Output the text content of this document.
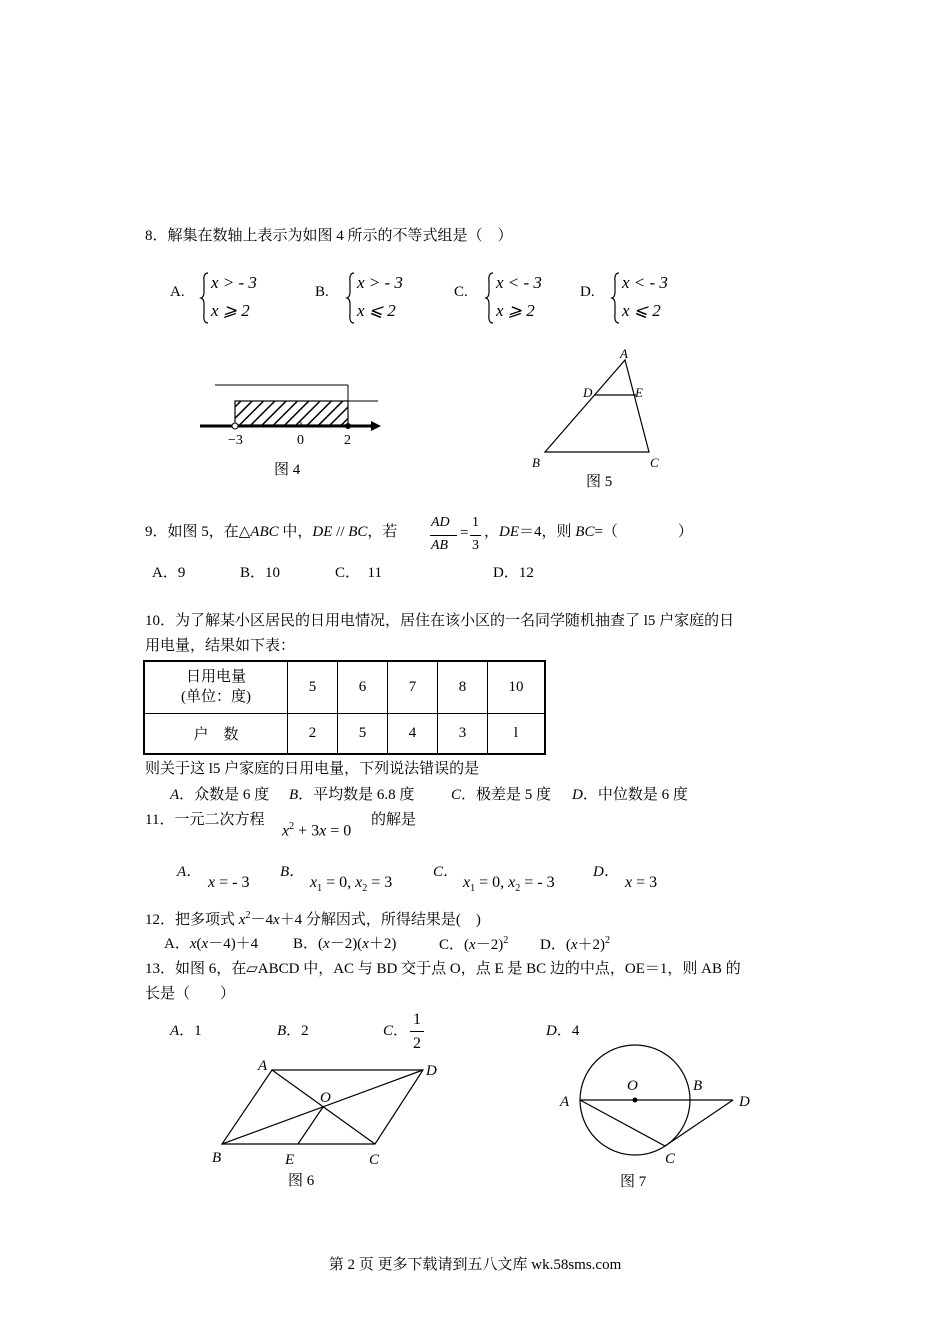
8．解集在数轴上表示为如图 4 所示的不等式组是（　）
A. x > - 3
x ⩾ 2
B. x > - 3
x ⩽ 2
C. x < - 3
x ⩾ 2
D. x < - 3
x ⩽ 2
−3	0	2
图 4
A
D	E
B	C
图 5
9．如图 5，在△ABC 中，DE // BC，若
AD
AB
=
1
3
，DE＝4，则 BC=（　　　　）
A．9	B．10	C．　11	D．12
10．为了解某小区居民的日用电情况，居住在该小区的一名同学随机抽查了 l5 户家庭的日
用电量，结果如下表：
日用电量
(单位：度)	5	6	7	8	10
户　数	2	5	4	3	l
则关于这 l5 户家庭的日用电量，下列说法错误的是
A．众数是 6 度 B．平均数是 6.8 度 C．极差是 5 度 D．中位数是 6 度
11．一元二次方程
$x^2 + 3x = 0$
的解是
A．
x = - 3
B．
$x_1 = 0$, $x_2 = 3$
C．
$x_1 = 0$, $x_2$ = - 3
D．
x = 3
12．把多项式 $x^2-4x+4$ 分解因式，所得结果是(　)
A．x(x－4)＋4 B．(x－2)(x＋2)	C．$(x-2)^2$ D．$(x+2)^2$
13．如图 6，在▱ABCD 中，AC 与 BD 交于点 O，点 E 是 BC 边的中点，OE＝1，则 AB 的
长是（　　）
A．1	B．2	C．
1
2
D．4
A	D
O
B	E	C
图 6
O	B
A	D
C
图 7
第 2 页 更多下载请到五八文库 wk.58sms.com
